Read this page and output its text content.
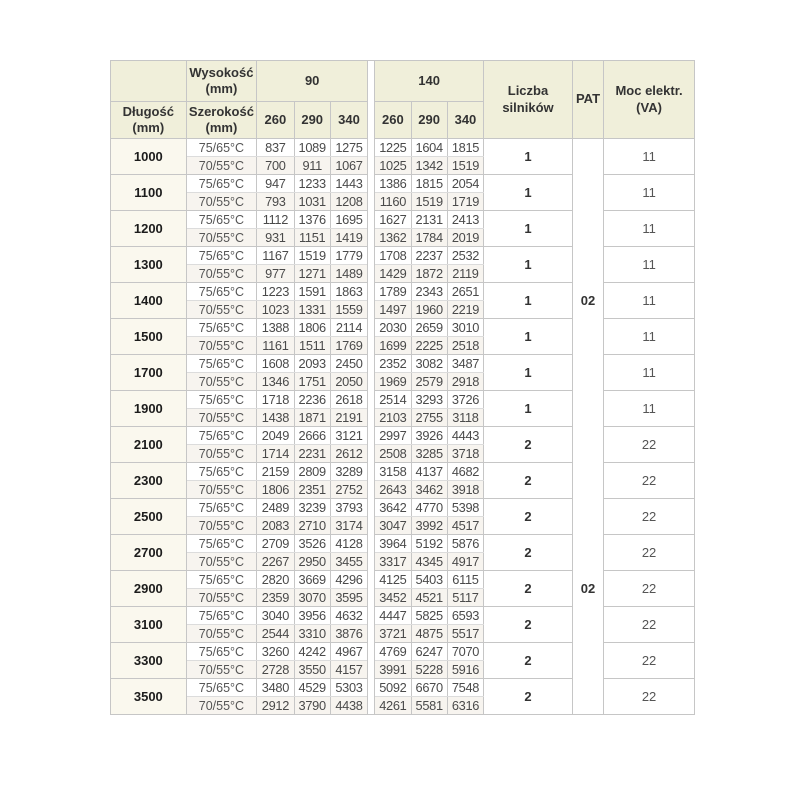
	Wysokość (mm)	90				140			Liczba silników	PAT	Moc elektr. (VA)
Długość (mm)	Szerokość (mm)	260	290	340		260	290	340			
1000	75/65°C	837	1089	1275		1225	1604	1815	1	02	11
	70/55°C	700	911	1067		1025	1342	1519			
1100	75/65°C	947	1233	1443		1386	1815	2054	1		11
	70/55°C	793	1031	1208		1160	1519	1719			
1200	75/65°C	1112	1376	1695		1627	2131	2413	1		11
	70/55°C	931	1151	1419		1362	1784	2019			
1300	75/65°C	1167	1519	1779		1708	2237	2532	1		11
	70/55°C	977	1271	1489		1429	1872	2119			
1400	75/65°C	1223	1591	1863		1789	2343	2651	1		11
	70/55°C	1023	1331	1559		1497	1960	2219			
1500	75/65°C	1388	1806	2114		2030	2659	3010	1		11
	70/55°C	1161	1511	1769		1699	2225	2518			
1700	75/65°C	1608	2093	2450		2352	3082	3487	1		11
	70/55°C	1346	1751	2050		1969	2579	2918			
1900	75/65°C	1718	2236	2618		2514	3293	3726	1		11
	70/55°C	1438	1871	2191		2103	2755	3118			
2100	75/65°C	2049	2666	3121		2997	3926	4443	2		22
	70/55°C	1714	2231	2612		2508	3285	3718			
2300	75/65°C	2159	2809	3289		3158	4137	4682	2	02	22
	70/55°C	1806	2351	2752		2643	3462	3918			
2500	75/65°C	2489	3239	3793		3642	4770	5398	2		22
	70/55°C	2083	2710	3174		3047	3992	4517			
2700	75/65°C	2709	3526	4128		3964	5192	5876	2		22
	70/55°C	2267	2950	3455		3317	4345	4917			
2900	75/65°C	2820	3669	4296		4125	5403	6115	2		22
	70/55°C	2359	3070	3595		3452	4521	5117			
3100	75/65°C	3040	3956	4632		4447	5825	6593	2		22
	70/55°C	2544	3310	3876		3721	4875	5517			
3300	75/65°C	3260	4242	4967		4769	6247	7070	2		22
	70/55°C	2728	3550	4157		3991	5228	5916			
3500	75/65°C	3480	4529	5303		5092	6670	7548	2		22
	70/55°C	2912	3790	4438		4261	5581	6316			
